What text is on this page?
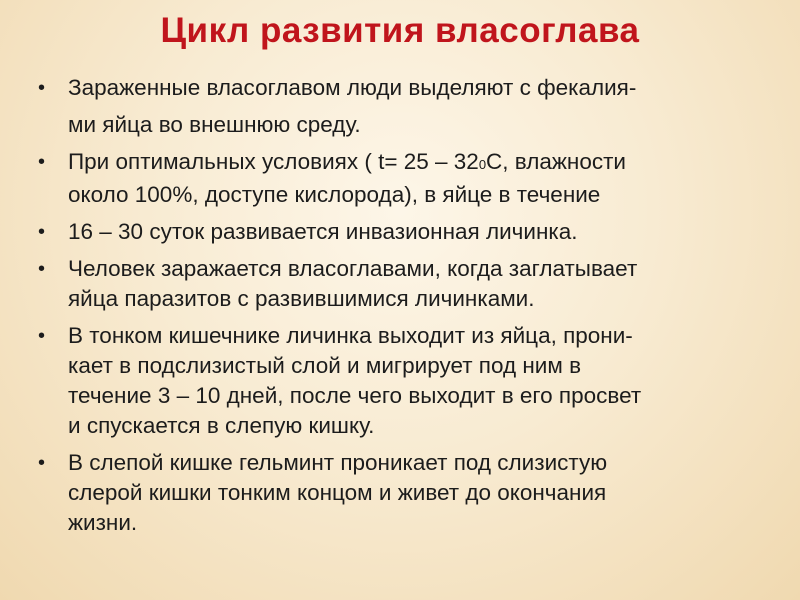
Цикл развития власоглава
• Зараженные власоглавом люди выделяют с фекалия-
ми яйца во внешнюю среду.
• При оптимальных условиях ( t= 25 – 320С, влажности
около 100%, доступе кислорода), в яйце в течение
• 16 – 30 суток развивается инвазионная личинка.
• Человек заражается власоглавами, когда заглатывает
яйца паразитов с развившимися личинками.
• В тонком кишечнике личинка выходит из яйца, прони-
кает в подслизистый слой и мигрирует под ним в
течение 3 – 10 дней, после чего выходит в его просвет
и спускается в слепую кишку.
• В слепой кишке гельминт проникает под слизистую
слерой кишки тонким концом и живет до окончания
жизни.
